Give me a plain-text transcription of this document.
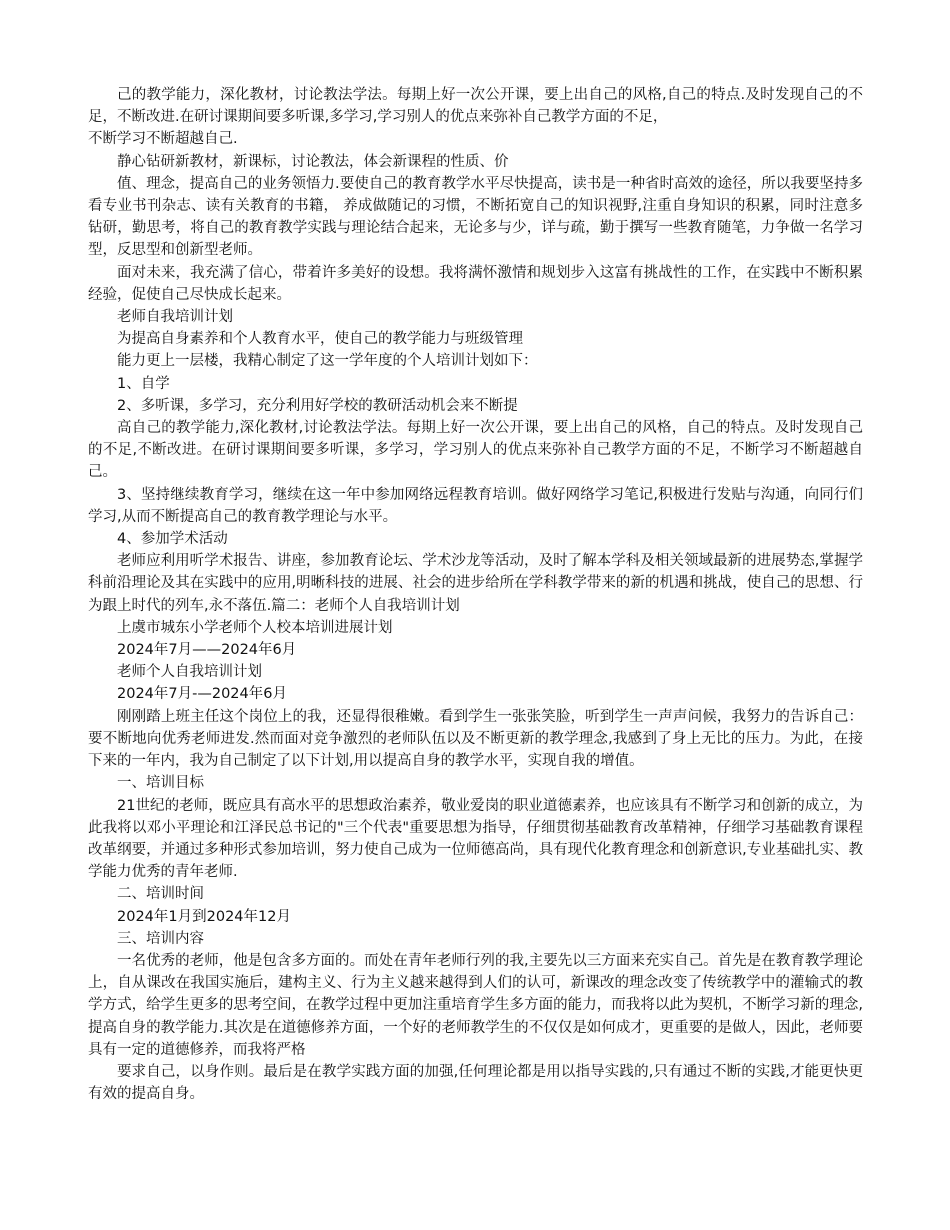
己的教学能力，深化教材，讨论教法学法。每期上好一次公开课，要上出自己的风格,自己的特点.及时发现自己的不足，不断改进.在研讨课期间要多听课,多学习,学习别人的优点来弥补自己教学方面的不足，

不断学习不断超越自己.

静心钻研新教材，新课标，讨论教法，体会新课程的性质、价

值、理念，提高自己的业务领悟力.要使自己的教育教学水平尽快提高，读书是一种省时高效的途径，所以我要坚持多看专业书刊杂志、读有关教育的书籍， 养成做随记的习惯，不断拓宽自己的知识视野,注重自身知识的积累，同时注意多钻研，勤思考，将自己的教育教学实践与理论结合起来，无论多与少，详与疏，勤于撰写一些教育随笔，力争做一名学习型，反思型和创新型老师。

面对未来，我充满了信心，带着许多美好的设想。我将满怀激情和规划步入这富有挑战性的工作，在实践中不断积累经验，促使自己尽快成长起来。

老师自我培训计划

为提高自身素养和个人教育水平，使自己的教学能力与班级管理

能力更上一层楼，我精心制定了这一学年度的个人培训计划如下：

1、自学

2、多听课，多学习，充分利用好学校的教研活动机会来不断提

高自己的教学能力,深化教材,讨论教法学法。每期上好一次公开课，要上出自己的风格，自己的特点。及时发现自己的不足,不断改进。在研讨课期间要多听课，多学习，学习别人的优点来弥补自己教学方面的不足，不断学习不断超越自己。

3、坚持继续教育学习，继续在这一年中参加网络远程教育培训。做好网络学习笔记,积极进行发贴与沟通，向同行们学习,从而不断提高自己的教育教学理论与水平。

4、参加学术活动

老师应利用听学术报告、讲座，参加教育论坛、学术沙龙等活动，及时了解本学科及相关领域最新的进展势态,掌握学科前沿理论及其在实践中的应用,明晰科技的进展、社会的进步给所在学科教学带来的新的机遇和挑战，使自己的思想、行为跟上时代的列车,永不落伍.篇二：老师个人自我培训计划

上虞市城东小学老师个人校本培训进展计划

2024年7月——2024年6月

老师个人自我培训计划

2024年7月-—2024年6月

刚刚踏上班主任这个岗位上的我，还显得很稚嫩。看到学生一张张笑脸，听到学生一声声问候，我努力的告诉自己：要不断地向优秀老师进发.然而面对竞争激烈的老师队伍以及不断更新的教学理念,我感到了身上无比的压力。为此，在接下来的一年内，我为自己制定了以下计划,用以提高自身的教学水平，实现自我的增值。

一、培训目标

21世纪的老师，既应具有高水平的思想政治素养，敬业爱岗的职业道德素养，也应该具有不断学习和创新的成立，为此我将以邓小平理论和江泽民总书记的"三个代表"重要思想为指导，仔细贯彻基础教育改革精神，仔细学习基础教育课程改革纲要，并通过多种形式参加培训，努力使自己成为一位师德高尚，具有现代化教育理念和创新意识,专业基础扎实、教学能力优秀的青年老师.

二、培训时间

2024年1月到2024年12月

三、培训内容

一名优秀的老师，他是包含多方面的。而处在青年老师行列的我,主要先以三方面来充实自己。首先是在教育教学理论上，自从课改在我国实施后，建构主义、行为主义越来越得到人们的认可，新课改的理念改变了传统教学中的灌输式的教学方式，给学生更多的思考空间，在教学过程中更加注重培育学生多方面的能力，而我将以此为契机，不断学习新的理念,提高自身的教学能力.其次是在道德修养方面，一个好的老师教学生的不仅仅是如何成才，更重要的是做人，因此，老师要具有一定的道德修养，而我将严格

要求自己，以身作则。最后是在教学实践方面的加强,任何理论都是用以指导实践的,只有通过不断的实践,才能更快更有效的提高自身。
